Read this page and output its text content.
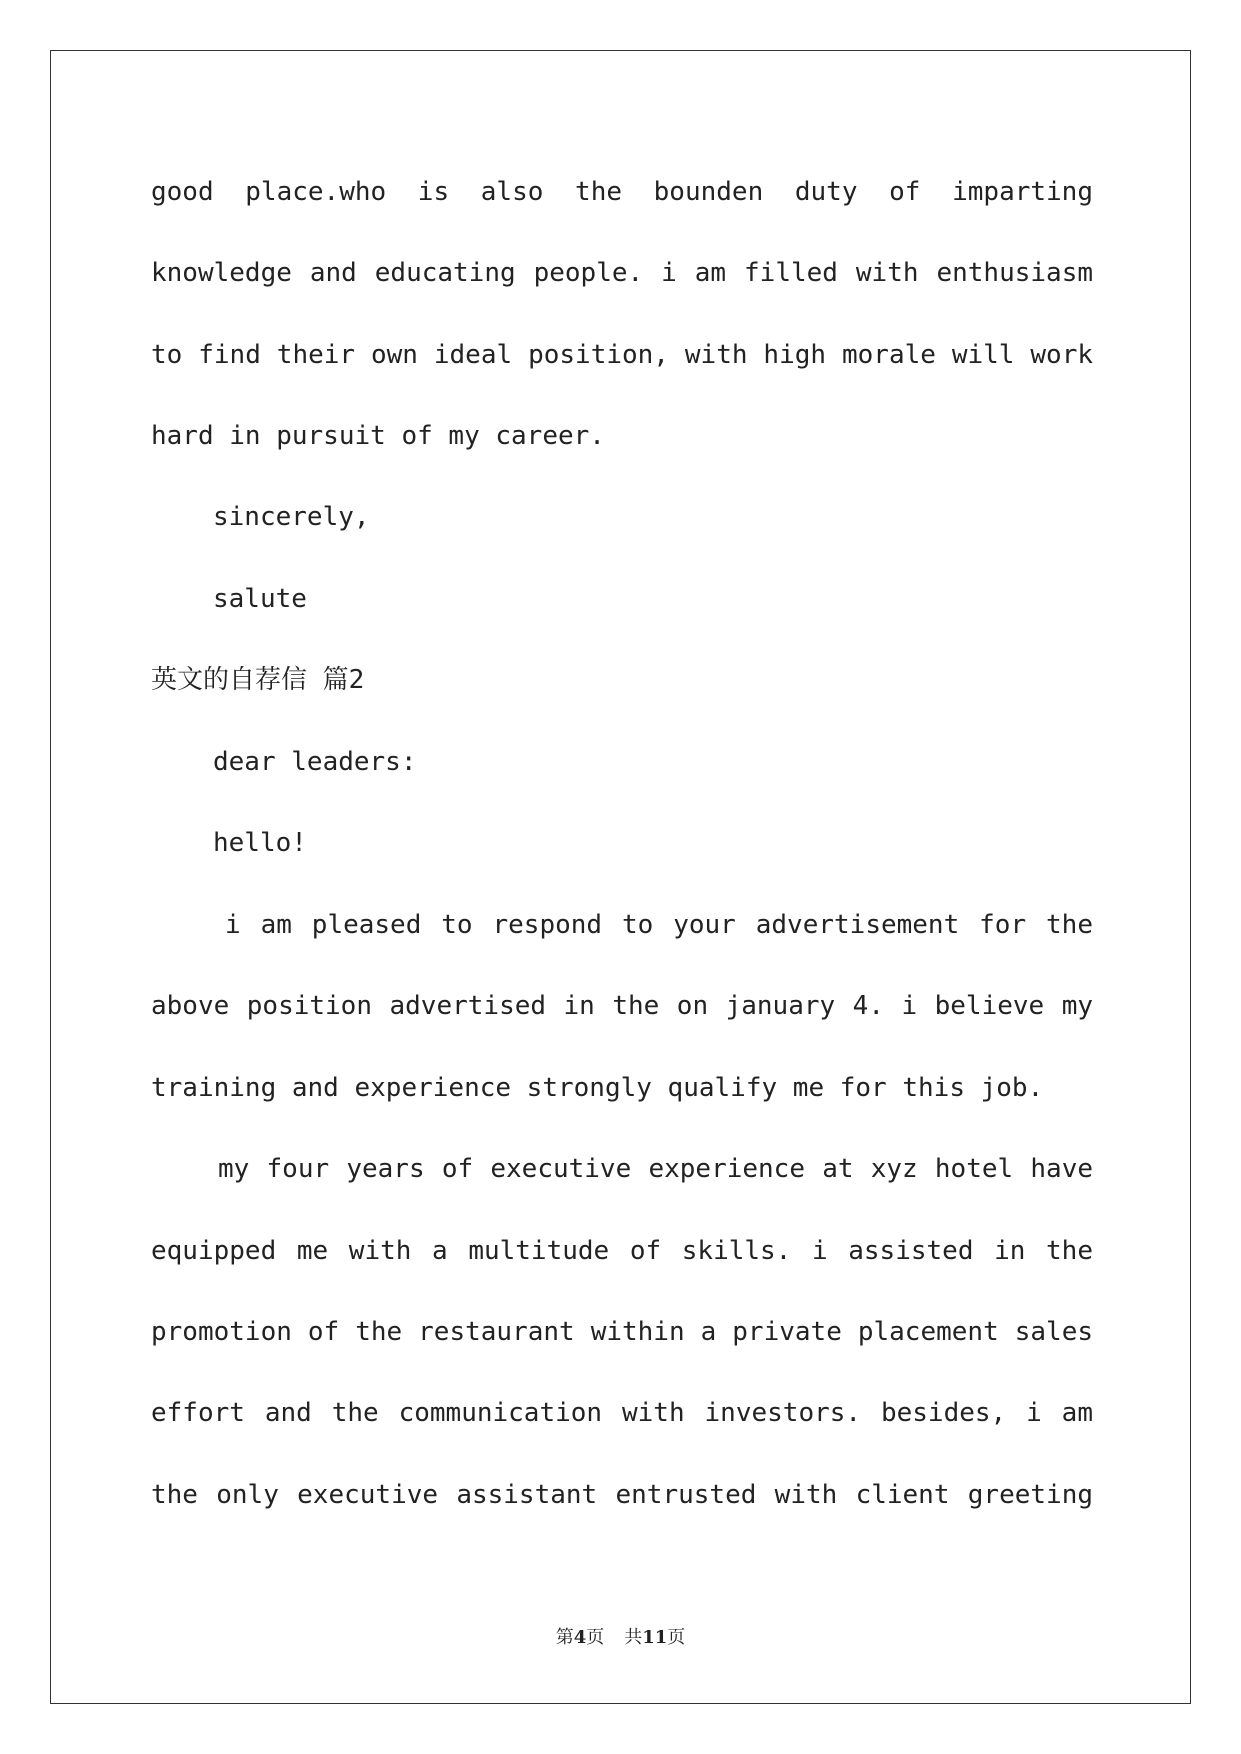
good place.who is also the bounden duty of imparting
knowledge and educating people. i am filled with enthusiasm
to find their own ideal position, with high morale will work
hard in pursuit of my career.
sincerely,
salute
英文的自荐信 篇2
dear leaders:
hello!
i am pleased to respond to your advertisement for the
above position advertised in the on january 4. i believe my
training and experience strongly qualify me for this job.
my four years of executive experience at xyz hotel have
equipped me with a multitude of skills. i assisted in the
promotion of the restaurant within a private placement sales
effort and the communication with investors. besides, i am
the only executive assistant entrusted with client greeting
第4页 共11页
